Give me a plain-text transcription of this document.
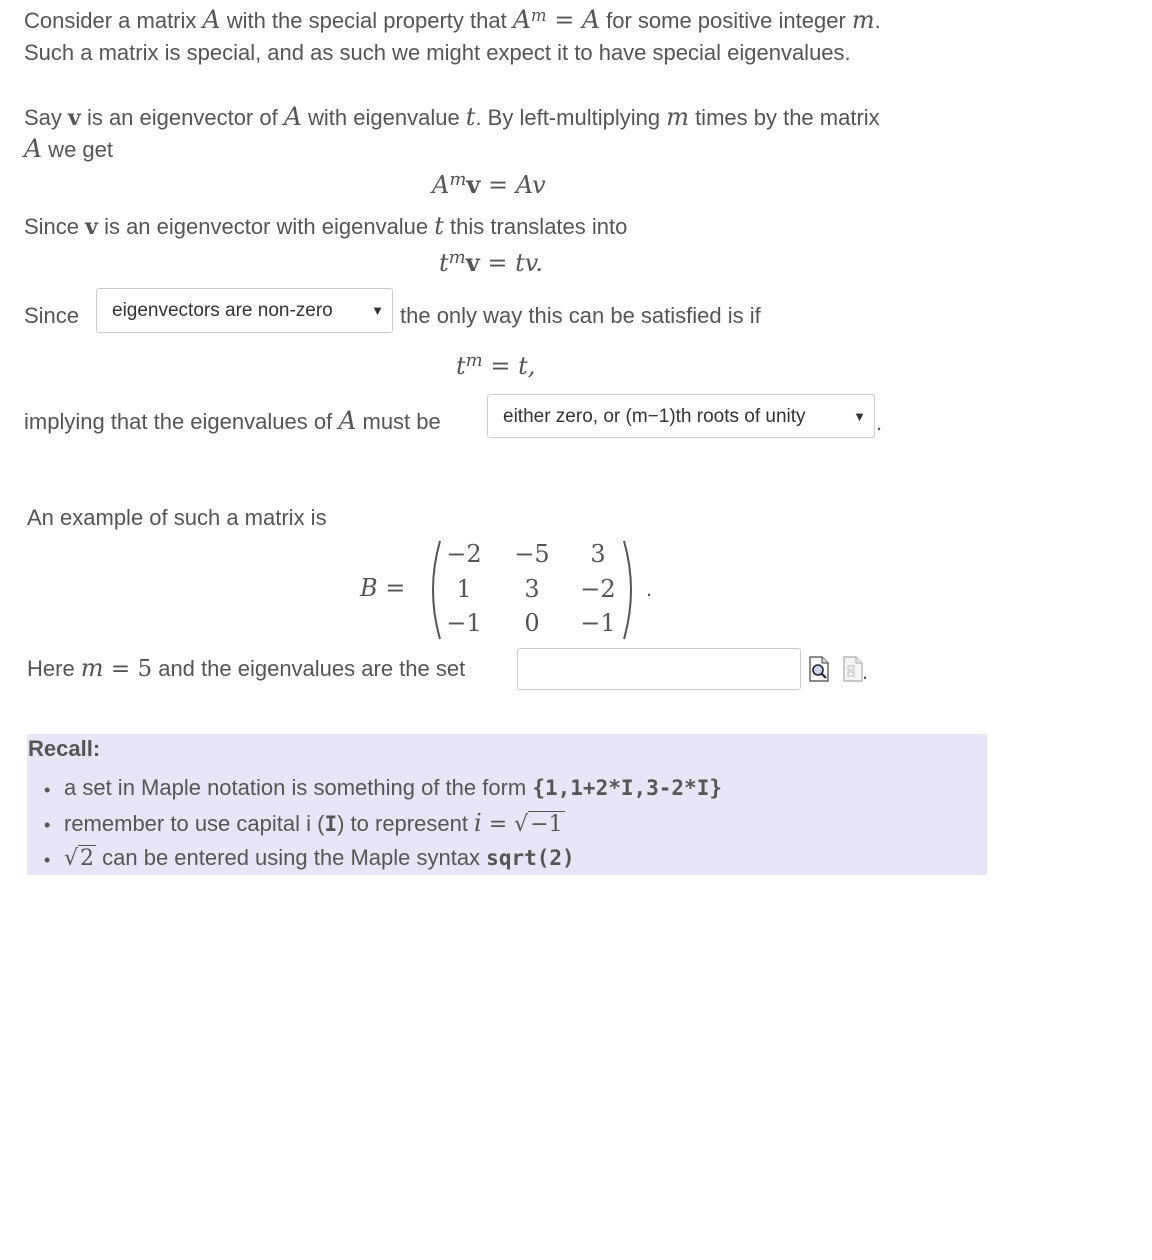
Consider a matrix A with the special property that $A^m = A$ for some positive integer m.
Such a matrix is special, and as such we might expect it to have special eigenvalues.
Say v is an eigenvector of A with eigenvalue t. By left-multiplying m times by the matrix
A we get
$A^mv = Av$
Since v is an eigenvector with eigenvalue t this translates into
$t^mv$ = tv.
Since	eigenvectors are non-zero	▼ the only way this can be satisfied is if
$t^m = t$,
implying that the eigenvalues of A must be	either zero, or (m−1)th roots of unity	▼ .
An example of such a matrix is
B =
−2	−5	3
1	3	−2
−1	0	−1
.
Here m = 5 and the eigenvalues are the set	.
Recall:
• a set in Maple notation is something of the form {1,1+2*I,3-2*I}
• remember to use capital i (I) to represent i = √−1
• √2 can be entered using the Maple syntax sqrt(2)
